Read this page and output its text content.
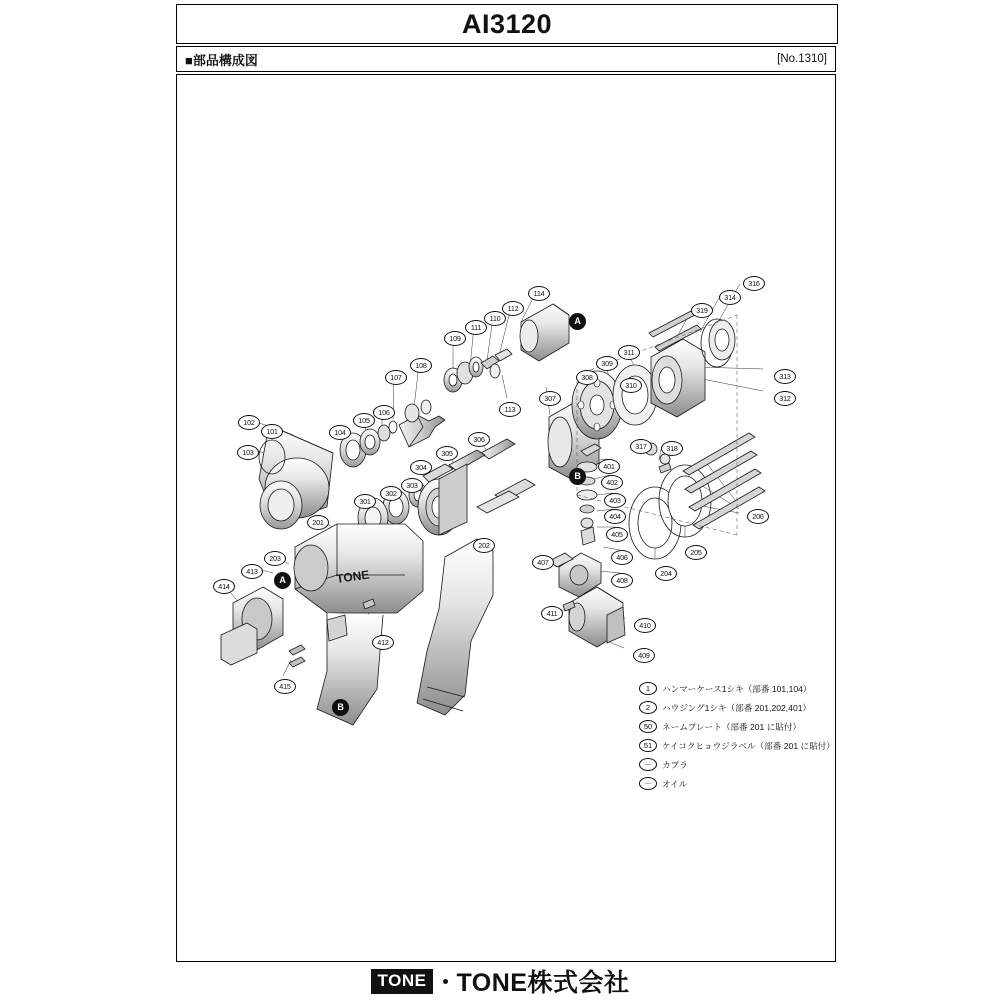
AI3120
■部品構成図	[No.1310]
TONE
102
101
103
104
105
106
107
108
109
111
110
112
114
113
307
306
305
304
303
302
301
201
203
413
414
415
412
202
308
309
311
310
319
314
316
313
312
317	318
401
402
403
404
405
406
407
408
411
410
409
204
205
206
A
B
A
B
1	ハンマーケース1シキ（部番 101,104）
2	ハウジング1シキ（部番 201,202,401）
50	ネームプレート（部番 201 に貼付）
51	ケイコクヒョウジラベル（部番 201 に貼付）
－	カプラ
－	オイル
TONE TONE株式会社
